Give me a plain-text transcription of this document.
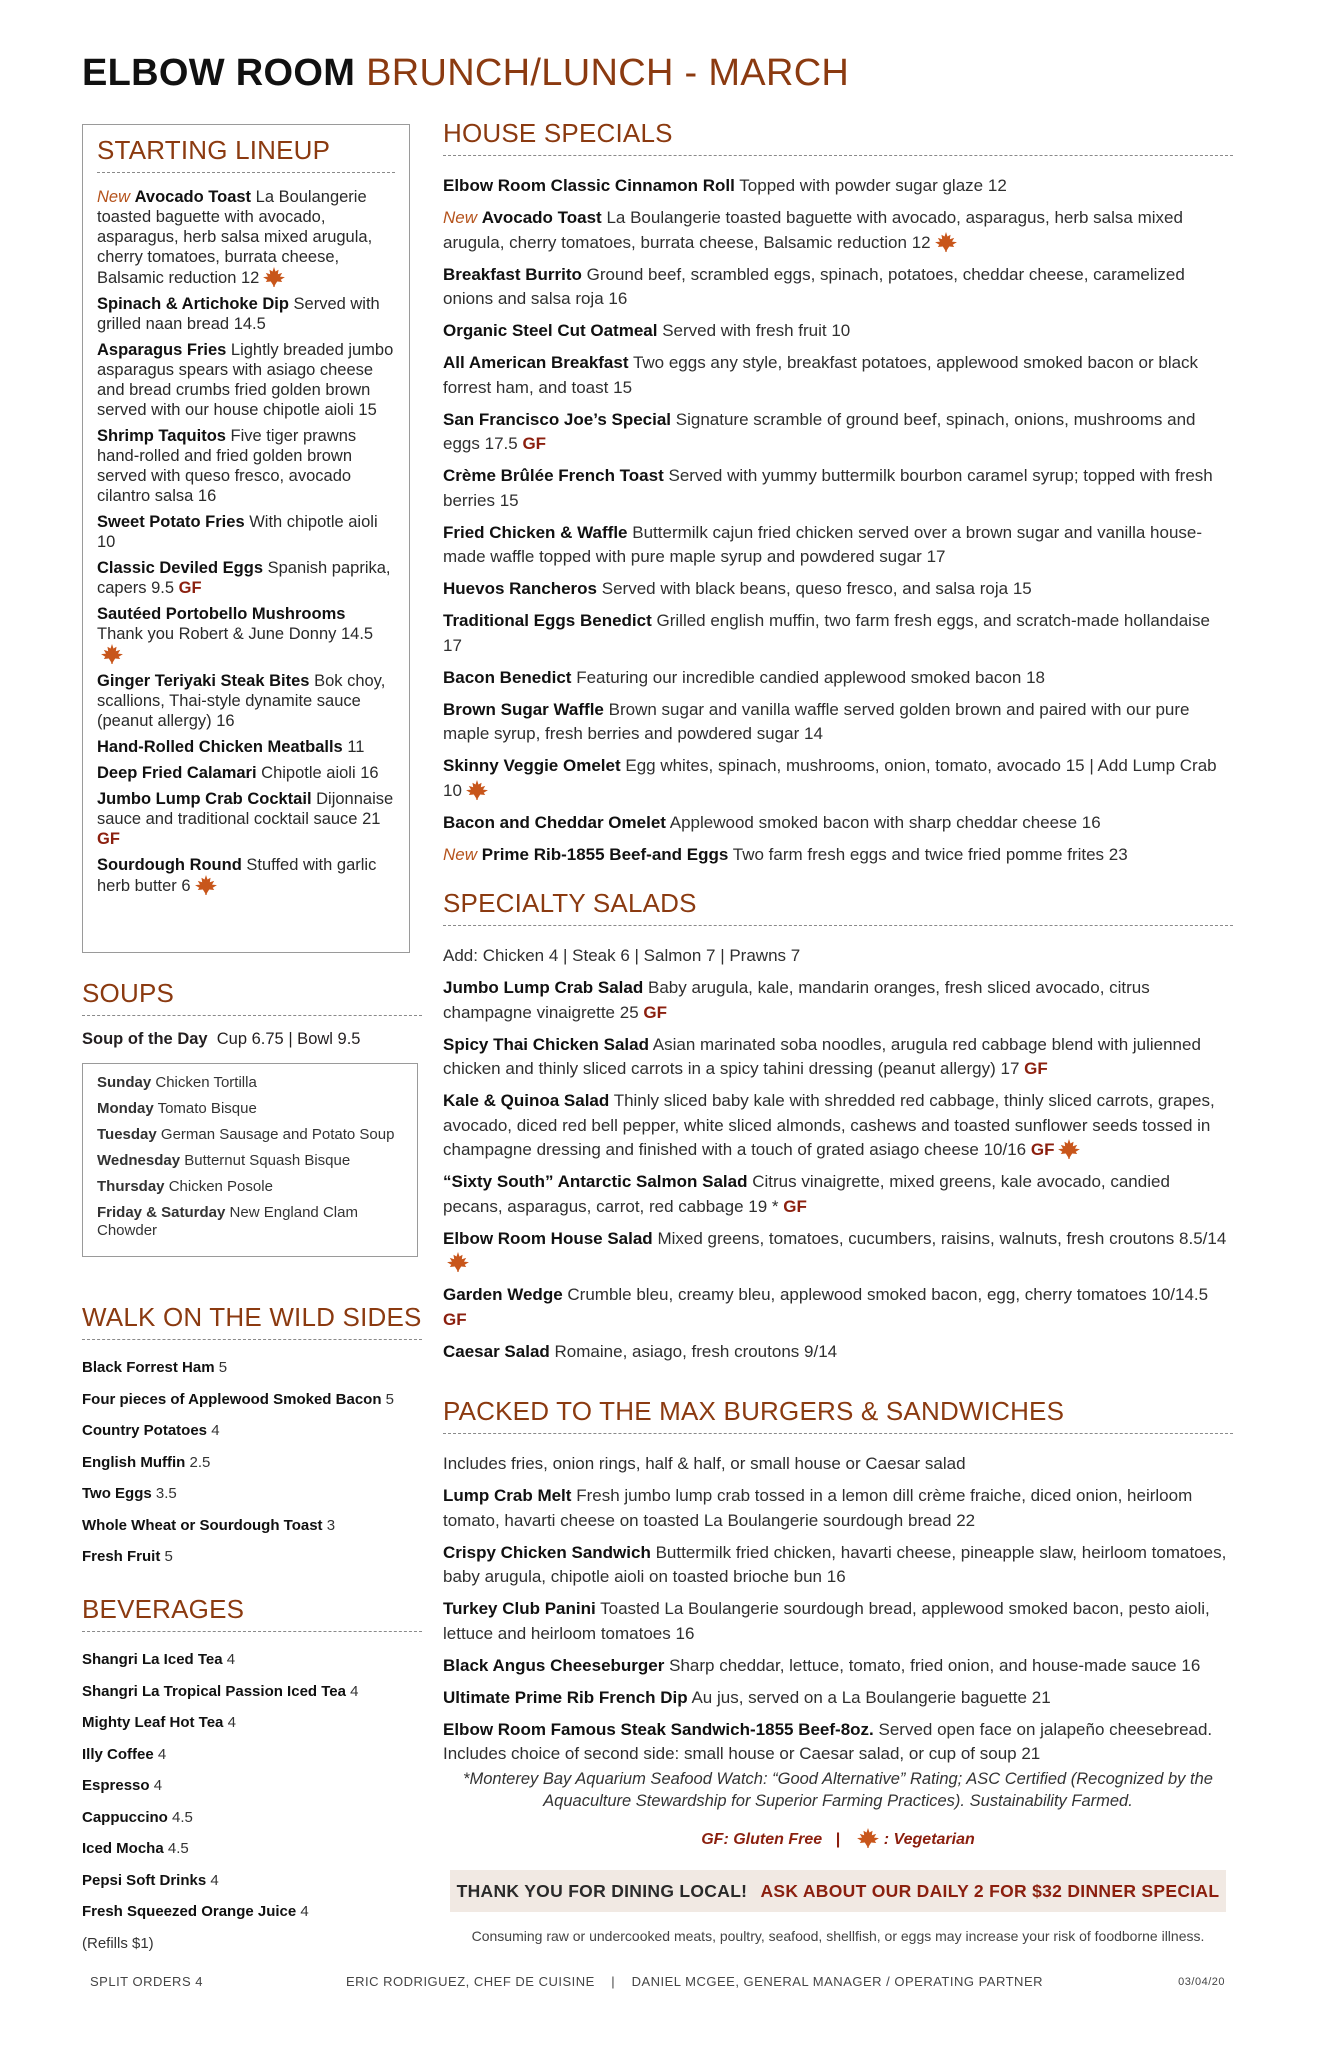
ELBOW ROOM BRUNCH/LUNCH - MARCH
STARTING LINEUP
New Avocado Toast La Boulangerie toasted baguette with avocado, asparagus, herb salsa mixed arugula, cherry tomatoes, burrata cheese, Balsamic reduction 12
Spinach & Artichoke Dip Served with grilled naan bread 14.5
Asparagus Fries Lightly breaded jumbo asparagus spears with asiago cheese and bread crumbs fried golden brown served with our house chipotle aioli 15
Shrimp Taquitos Five tiger prawns hand-rolled and fried golden brown served with queso fresco, avocado cilantro salsa 16
Sweet Potato Fries With chipotle aioli 10
Classic Deviled Eggs Spanish paprika, capers 9.5 GF
Sautéed Portobello Mushrooms Thank you Robert & June Donny 14.5
Ginger Teriyaki Steak Bites Bok choy, scallions, Thai-style dynamite sauce (peanut allergy) 16
Hand-Rolled Chicken Meatballs 11
Deep Fried Calamari Chipotle aioli 16
Jumbo Lump Crab Cocktail Dijonnaise sauce and traditional cocktail sauce 21 GF
Sourdough Round Stuffed with garlic herb butter 6
SOUPS
Soup of the Day Cup 6.75 | Bowl 9.5
Sunday Chicken Tortilla
Monday Tomato Bisque
Tuesday German Sausage and Potato Soup
Wednesday Butternut Squash Bisque
Thursday Chicken Posole
Friday & Saturday New England Clam Chowder
WALK ON THE WILD SIDES
Black Forrest Ham 5
Four pieces of Applewood Smoked Bacon 5
Country Potatoes 4
English Muffin 2.5
Two Eggs 3.5
Whole Wheat or Sourdough Toast 3
Fresh Fruit 5
BEVERAGES
Shangri La Iced Tea 4
Shangri La Tropical Passion Iced Tea 4
Mighty Leaf Hot Tea 4
Illy Coffee 4
Espresso 4
Cappuccino 4.5
Iced Mocha 4.5
Pepsi Soft Drinks 4
Fresh Squeezed Orange Juice 4
(Refills $1)
HOUSE SPECIALS
Elbow Room Classic Cinnamon Roll Topped with powder sugar glaze 12
New Avocado Toast La Boulangerie toasted baguette with avocado, asparagus, herb salsa mixed arugula, cherry tomatoes, burrata cheese, Balsamic reduction 12
Breakfast Burrito Ground beef, scrambled eggs, spinach, potatoes, cheddar cheese, caramelized onions and salsa roja 16
Organic Steel Cut Oatmeal Served with fresh fruit 10
All American Breakfast Two eggs any style, breakfast potatoes, applewood smoked bacon or black forrest ham, and toast 15
San Francisco Joe’s Special Signature scramble of ground beef, spinach, onions, mushrooms and eggs 17.5 GF
Crème Brûlée French Toast Served with yummy buttermilk bourbon caramel syrup; topped with fresh berries 15
Fried Chicken & Waffle Buttermilk cajun fried chicken served over a brown sugar and vanilla house-made waffle topped with pure maple syrup and powdered sugar 17
Huevos Rancheros Served with black beans, queso fresco, and salsa roja 15
Traditional Eggs Benedict Grilled english muffin, two farm fresh eggs, and scratch-made hollandaise 17
Bacon Benedict Featuring our incredible candied applewood smoked bacon 18
Brown Sugar Waffle Brown sugar and vanilla waffle served golden brown and paired with our pure maple syrup, fresh berries and powdered sugar 14
Skinny Veggie Omelet Egg whites, spinach, mushrooms, onion, tomato, avocado 15 | Add Lump Crab 10
Bacon and Cheddar Omelet Applewood smoked bacon with sharp cheddar cheese 16
New Prime Rib-1855 Beef-and Eggs Two farm fresh eggs and twice fried pomme frites 23
SPECIALTY SALADS
Add: Chicken 4 | Steak 6 | Salmon 7 | Prawns 7
Jumbo Lump Crab Salad Baby arugula, kale, mandarin oranges, fresh sliced avocado, citrus champagne vinaigrette 25 GF
Spicy Thai Chicken Salad Asian marinated soba noodles, arugula red cabbage blend with julienned chicken and thinly sliced carrots in a spicy tahini dressing (peanut allergy) 17 GF
Kale & Quinoa Salad Thinly sliced baby kale with shredded red cabbage, thinly sliced carrots, grapes, avocado, diced red bell pepper, white sliced almonds, cashews and toasted sunflower seeds tossed in champagne dressing and finished with a touch of grated asiago cheese 10/16 GF
“Sixty South” Antarctic Salmon Salad Citrus vinaigrette, mixed greens, kale avocado, candied pecans, asparagus, carrot, red cabbage 19 * GF
Elbow Room House Salad Mixed greens, tomatoes, cucumbers, raisins, walnuts, fresh croutons 8.5/14
Garden Wedge Crumble bleu, creamy bleu, applewood smoked bacon, egg, cherry tomatoes 10/14.5 GF
Caesar Salad Romaine, asiago, fresh croutons 9/14
PACKED TO THE MAX BURGERS & SANDWICHES
Includes fries, onion rings, half & half, or small house or Caesar salad
Lump Crab Melt Fresh jumbo lump crab tossed in a lemon dill crème fraiche, diced onion, heirloom tomato, havarti cheese on toasted La Boulangerie sourdough bread 22
Crispy Chicken Sandwich Buttermilk fried chicken, havarti cheese, pineapple slaw, heirloom tomatoes, baby arugula, chipotle aioli on toasted brioche bun 16
Turkey Club Panini Toasted La Boulangerie sourdough bread, applewood smoked bacon, pesto aioli, lettuce and heirloom tomatoes 16
Black Angus Cheeseburger Sharp cheddar, lettuce, tomato, fried onion, and house-made sauce 16
Ultimate Prime Rib French Dip Au jus, served on a La Boulangerie baguette 21
Elbow Room Famous Steak Sandwich-1855 Beef-8oz. Served open face on jalapeño cheesebread. Includes choice of second side: small house or Caesar salad, or cup of soup 21
*Monterey Bay Aquarium Seafood Watch: “Good Alternative” Rating; ASC Certified (Recognized by the Aquaculture Stewardship for Superior Farming Practices). Sustainability Farmed.
GF: Gluten Free |	: Vegetarian
THANK YOU FOR DINING LOCAL! ASK ABOUT OUR DAILY 2 FOR $32 DINNER SPECIAL
Consuming raw or undercooked meats, poultry, seafood, shellfish, or eggs may increase your risk of foodborne illness.
SPLIT ORDERS 4	ERIC RODRIGUEZ, CHEF DE CUISINE    |    DANIEL MCGEE, GENERAL MANAGER / OPERATING PARTNER	03/04/20
